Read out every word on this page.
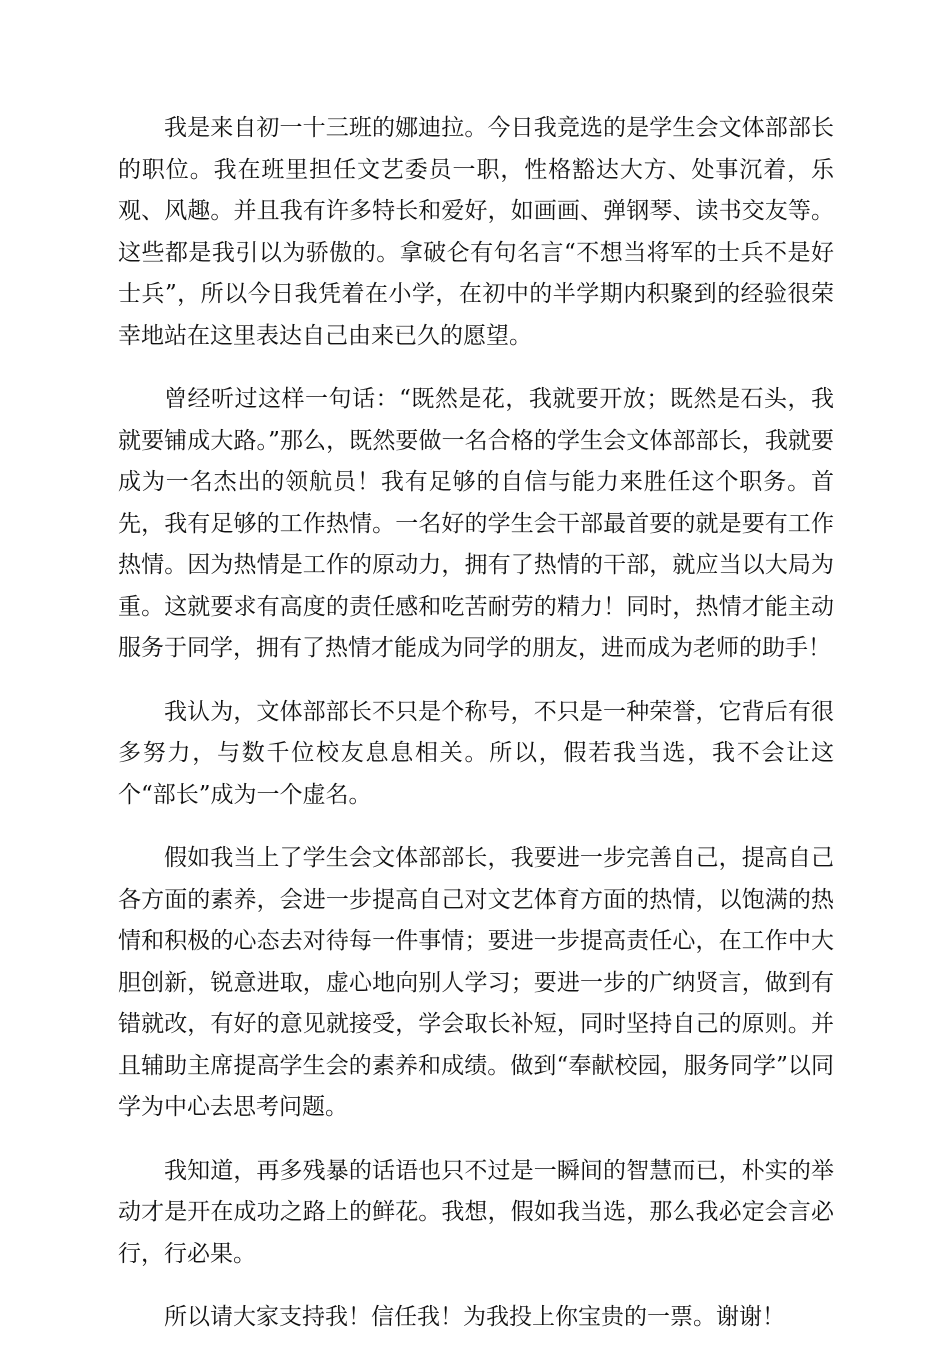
我是来自初一十三班的娜迪拉。今日我竞选的是学生会文体部部长的职位。我在班里担任文艺委员一职，性格豁达大方、处事沉着，乐观、风趣。并且我有许多特长和爱好，如画画、弹钢琴、读书交友等。这些都是我引以为骄傲的。拿破仑有句名言“不想当将军的士兵不是好士兵”，所以今日我凭着在小学，在初中的半学期内积聚到的经验很荣幸地站在这里表达自己由来已久的愿望。

曾经听过这样一句话：“既然是花，我就要开放；既然是石头，我就要铺成大路。”那么，既然要做一名合格的学生会文体部部长，我就要成为一名杰出的领航员！我有足够的自信与能力来胜任这个职务。首先，我有足够的工作热情。一名好的学生会干部最首要的就是要有工作热情。因为热情是工作的原动力，拥有了热情的干部，就应当以大局为重。这就要求有高度的责任感和吃苦耐劳的精力！同时，热情才能主动服务于同学，拥有了热情才能成为同学的朋友，进而成为老师的助手！

我认为，文体部部长不只是个称号，不只是一种荣誉，它背后有很多努力，与数千位校友息息相关。所以，假若我当选，我不会让这个“部长”成为一个虚名。

假如我当上了学生会文体部部长，我要进一步完善自己，提高自己各方面的素养，会进一步提高自己对文艺体育方面的热情，以饱满的热情和积极的心态去对待每一件事情；要进一步提高责任心，在工作中大胆创新，锐意进取，虚心地向别人学习；要进一步的广纳贤言，做到有错就改，有好的意见就接受，学会取长补短，同时坚持自己的原则。并且辅助主席提高学生会的素养和成绩。做到“奉献校园，服务同学”以同学为中心去思考问题。

我知道，再多残暴的话语也只不过是一瞬间的智慧而已，朴实的举动才是开在成功之路上的鲜花。我想，假如我当选，那么我必定会言必行，行必果。

所以请大家支持我！信任我！为我投上你宝贵的一票。谢谢！
